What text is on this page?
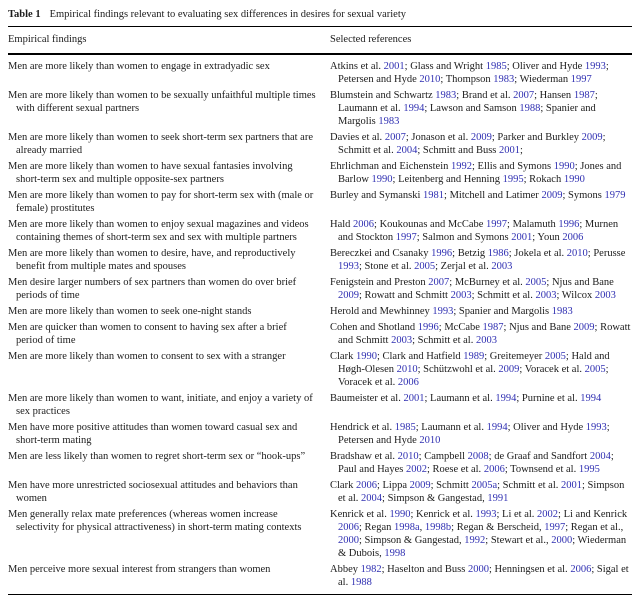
Table 1 Empirical findings relevant to evaluating sex differences in desires for sexual variety
Empirical findings	Selected references
Men are more likely than women to engage in extradyadic sex	Atkins et al. 2001; Glass and Wright 1985; Oliver and Hyde 1993; Petersen and Hyde 2010; Thompson 1983; Wiederman 1997
Men are more likely than women to be sexually unfaithful multiple times with different sexual partners	Blumstein and Schwartz 1983; Brand et al. 2007; Hansen 1987; Laumann et al. 1994; Lawson and Samson 1988; Spanier and Margolis 1983
Men are more likely than women to seek short-term sex partners that are already married	Davies et al. 2007; Jonason et al. 2009; Parker and Burkley 2009; Schmitt et al. 2004; Schmitt and Buss 2001;
Men are more likely than women to have sexual fantasies involving short-term sex and multiple opposite-sex partners	Ehrlichman and Eichenstein 1992; Ellis and Symons 1990; Jones and Barlow 1990; Leitenberg and Henning 1995; Rokach 1990
Men are more likely than women to pay for short-term sex with (male or female) prostitutes	Burley and Symanski 1981; Mitchell and Latimer 2009; Symons 1979
Men are more likely than women to enjoy sexual magazines and videos containing themes of short-term sex and sex with multiple partners	Hald 2006; Koukounas and McCabe 1997; Malamuth 1996; Murnen and Stockton 1997; Salmon and Symons 2001; Youn 2006
Men are more likely than women to desire, have, and reproductively benefit from multiple mates and spouses	Bereczkei and Csanaky 1996; Betzig 1986; Jokela et al. 2010; Perusse 1993; Stone et al. 2005; Zerjal et al. 2003
Men desire larger numbers of sex partners than women do over brief periods of time	Fenigstein and Preston 2007; McBurney et al. 2005; Njus and Bane 2009; Rowatt and Schmitt 2003; Schmitt et al. 2003; Wilcox 2003
Men are more likely than women to seek one-night stands	Herold and Mewhinney 1993; Spanier and Margolis 1983
Men are quicker than women to consent to having sex after a brief period of time	Cohen and Shotland 1996; McCabe 1987; Njus and Bane 2009; Rowatt and Schmitt 2003; Schmitt et al. 2003
Men are more likely than women to consent to sex with a stranger	Clark 1990; Clark and Hatfield 1989; Greitemeyer 2005; Hald and Høgh-Olesen 2010; Schützwohl et al. 2009; Voracek et al. 2005; Voracek et al. 2006
Men are more likely than women to want, initiate, and enjoy a variety of sex practices	Baumeister et al. 2001; Laumann et al. 1994; Purnine et al. 1994
Men have more positive attitudes than women toward casual sex and short-term mating	Hendrick et al. 1985; Laumann et al. 1994; Oliver and Hyde 1993; Petersen and Hyde 2010
Men are less likely than women to regret short-term sex or “hook-ups”	Bradshaw et al. 2010; Campbell 2008; de Graaf and Sandfort 2004; Paul and Hayes 2002; Roese et al. 2006; Townsend et al. 1995
Men have more unrestricted sociosexual attitudes and behaviors than women	Clark 2006; Lippa 2009; Schmitt 2005a; Schmitt et al. 2001; Simpson et al. 2004; Simpson & Gangestad, 1991
Men generally relax mate preferences (whereas women increase selectivity for physical attractiveness) in short-term mating contexts	Kenrick et al. 1990; Kenrick et al. 1993; Li et al. 2002; Li and Kenrick 2006; Regan 1998a, 1998b; Regan & Berscheid, 1997; Regan et al., 2000; Simpson & Gangestad, 1992; Stewart et al., 2000; Wiederman & Dubois, 1998
Men perceive more sexual interest from strangers than women	Abbey 1982; Haselton and Buss 2000; Henningsen et al. 2006; Sigal et al. 1988
